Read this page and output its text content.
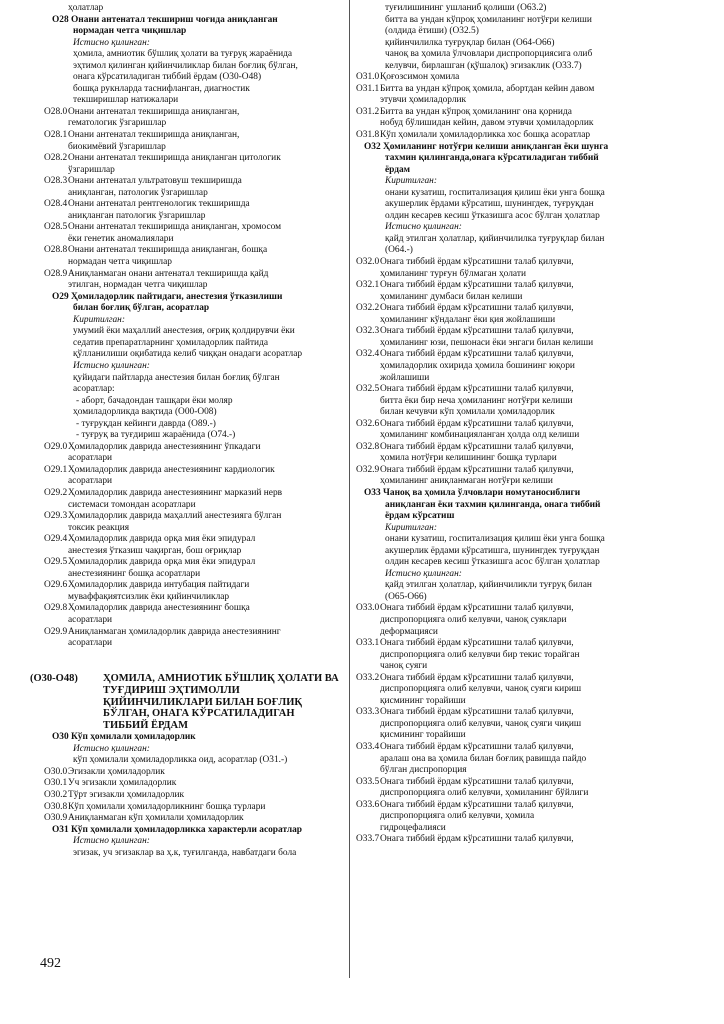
ҳолатлар
O28 Онани антенатал текшириш чоғида аниқланган
нормадан четга чиқишлар
Истисно қилинган:
ҳомила, амниотик бўшлиқ ҳолати ва туғруқ жараёнида
эҳтимол қилинган қийинчиликлар билан боғлиқ бўлган,
онага кўрсатиладиган тиббий ёрдам (O30-O48)
бошқа рукнларда таснифланган, диагностик
текширишлар натижалари
O28.0 Онани антенатал текширишда аниқланган,
гематологик ўзгаришлар
O28.1 Онани антенатал текширишда аниқланган,
биокимёвий ўзгаришлар
O28.2 Онани антенатал текширишда аниқланган цитологик
ўзгаришлар
O28.3 Онани антенатал ультратовуш текширишда
аниқланган, патологик ўзгаришлар
O28.4 Онани антенатал рентгенологик текширишда
аниқланган патологик ўзгаришлар
O28.5 Онани антенатал текширишда аниқланган, хромосом
ёки генетик аномалиялари
O28.8 Онани антенатал текширишда аниқланган, бошқа
нормадан четга чиқишлар
O28.9 Аниқланмаган онани антенатал текширишда қайд
этилган, нормадан четга чиқишлар
O29 Ҳомиладорлик пайтидаги, анестезия ўтказилиши
билан боғлиқ бўлган, асоратлар
Киритилган:
умумий ёки маҳаллий анестезия, оғриқ қолдирувчи ёки
седатив препаратларнинг ҳомиладорлик пайтида
қўлланилиши оқибатида келиб чиққан онадаги асоратлар
Истисно қилинган:
қуйидаги пайтларда анестезия билан боғлиқ бўлган
асоратлар:
- аборт, бачадондан ташқари ёки моляр
ҳомиладорликда вақтида (O00-O08)
- туғруқдан кейинги даврда (O89.-)
- туғруқ ва туғдириш жараёнида (O74.-)
O29.0 Ҳомиладорлик даврида анестезиянинг ўпкадаги
асоратлари
O29.1 Ҳомиладорлик даврида анестезиянинг кардиологик
асоратлари
O29.2 Ҳомиладорлик даврида анестезиянинг марказий нерв
системаси томондан асоратлари
O29.3 Ҳомиладорлик даврида маҳаллий анестезияга бўлган
токсик реакция
O29.4 Ҳомиладорлик даврида орқа мия ёки эпидурал
анестезия ўтказиш чақирган, бош оғриқлар
O29.5 Ҳомиладорлик даврида орқа мия ёки эпидурал
анестезиянинг бошқа асоратлари
O29.6 Ҳомиладорлик даврида интубация пайтидаги
муваффақиятсизлик ёки қийинчиликлар
O29.8 Ҳомиладорлик даврида анестезиянинг бошқа
асоратлари
O29.9 Аниқланмаган ҳомиладорлик даврида анестезиянинг
асоратлари
(O30-O48) ҲОМИЛА, АМНИОТИК БЎШЛИҚ ҲОЛАТИ ВА
ТУҒДИРИШ ЭҲТИМОЛЛИ
ҚИЙИНЧИЛИКЛАРИ БИЛАН БОҒЛИҚ
БЎЛГАН, ОНАГА КЎРСАТИЛАДИГАН
ТИББИЙ ЁРДАМ
O30 Кўп ҳомилали ҳомиладорлик
Истисно қилинган:
кўп ҳомилали ҳомиладорликка оид, асоратлар (O31.-)
O30.0 Эгизакли ҳомиладорлик
O30.1 Уч эгизакли ҳомиладорлик
O30.2 Тўрт эгизакли ҳомиладорлик
O30.8 Кўп ҳомилали ҳомиладорликнинг бошқа турлари
O30.9 Аниқланмаган кўп ҳомилали ҳомиладорлик
O31 Кўп ҳомилали ҳомиладорликка характерли асоратлар
Истисно қилинган:
эгизак, уч эгизаклар ва ҳ.к, туғилганда, навбатдаги бола
туғилишининг ушланиб қолиши (O63.2)
битта ва ундан кўпроқ ҳомиланинг нотўғри келиши
(олдида ётиши) (O32.5)
қийинчилилка туғруқлар билан (O64-O66)
чаноқ ва ҳомила ўлчовлари диспропорциясига олиб
келувчи, бирлашган (қўшалоқ) эгизаклик (O33.7)
O31.0 Қоғозсимон ҳомила
O31.1 Битта ва ундан кўпроқ ҳомила, абортдан кейин давом
этувчи ҳомиладорлик
O31.2 Битта ва ундан кўпроқ ҳомиланинг она қорнида
нобуд бўлишидан кейин, давом этувчи ҳомиладорлик
O31.8 Кўп ҳомилали ҳомиладорликка хос бошқа асоратлар
O32 Ҳомиланинг нотўғри келиши аниқланган ёки шунга
тахмин қилинганда,онага кўрсатиладиган тиббий
ёрдам
Киритилган:
онани кузатиш, госпитализация қилиш ёки унга бошқа
акушерлик ёрдами кўрсатиш, шунингдек, туғруқдан
олдин кесарев кесиш ўтказишга асос бўлган ҳолатлар
Истисно қилинган:
қайд этилган ҳолатлар, қийинчилилка туғруқлар билан
(O64.-)
O32.0 Онага тиббий ёрдам кўрсатишни талаб қилувчи,
ҳомиланинг турғун бўлмаган ҳолати
O32.1 Онага тиббий ёрдам кўрсатишни талаб қилувчи,
ҳомиланинг думбаси билан келиши
O32.2 Онага тиббий ёрдам кўрсатишни талаб қилувчи,
ҳомиланинг кўндаланг ёки қия жойлашиши
O32.3 Онага тиббий ёрдам кўрсатишни талаб қилувчи,
ҳомиланинг юзи, пешонаси ёки энгаги билан келиши
O32.4 Онага тиббий ёрдам кўрсатишни талаб қилувчи,
ҳомиладорлик охирида ҳомила бошининг юқори
жойлашиши
O32.5 Онага тиббий ёрдам кўрсатишни талаб қилувчи,
битта ёки бир неча ҳомиланинг нотўғри келиши
билан кечувчи кўп ҳомилали ҳомиладорлик
O32.6 Онага тиббий ёрдам кўрсатишни талаб қилувчи,
ҳомиланинг комбинацияланган ҳолда олд келиши
O32.8 Онага тиббий ёрдам кўрсатишни талаб қилувчи,
ҳомила нотўғри келишининг бошқа турлари
O32.9 Онага тиббий ёрдам кўрсатишни талаб қилувчи,
ҳомиланинг аниқланмаган нотўғри келиши
O33 Чаноқ ва ҳомила ўлчовлари номутаносиблиги
аниқланган ёки тахмин қилинганда, онага тиббий
ёрдам кўрсатиш
Киритилган:
онани кузатиш, госпитализация қилиш ёки унга бошқа
акушерлик ёрдами кўрсатишга, шунингдек туғруқдан
олдин кесарев кесиш ўтказишга асос бўлган ҳолатлар
Истисно қилинган:
қайд этилган ҳолатлар, қийинчиликли туғруқ билан
(O65-O66)
O33.0 Онага тиббий ёрдам кўрсатишни талаб қилувчи,
диспропорцияга олиб келувчи, чаноқ суяклари
деформацияси
O33.1 Онага тиббий ёрдам кўрсатишни талаб қилувчи,
диспропорцияга олиб келувчи бир текис торайган
чаноқ суяги
O33.2 Онага тиббий ёрдам кўрсатишни талаб қилувчи,
диспропорцияга олиб келувчи, чаноқ суяги кириш
қисмининг торайиши
O33.3 Онага тиббий ёрдам кўрсатишни талаб қилувчи,
диспропорцияга олиб келувчи, чаноқ суяги чиқиш
қисмининг торайиши
O33.4 Онага тиббий ёрдам кўрсатишни талаб қилувчи,
аралаш она ва ҳомила билан боғлиқ равишда пайдо
бўлган диспропорция
O33.5 Онага тиббий ёрдам кўрсатишни талаб қилувчи,
диспропорцияга олиб келувчи, ҳомиланинг бўйлиги
O33.6 Онага тиббий ёрдам кўрсатишни талаб қилувчи,
диспропорцияга олиб келувчи, ҳомила
гидроцефалияси
O33.7 Онага тиббий ёрдам кўрсатишни талаб қилувчи,
492
